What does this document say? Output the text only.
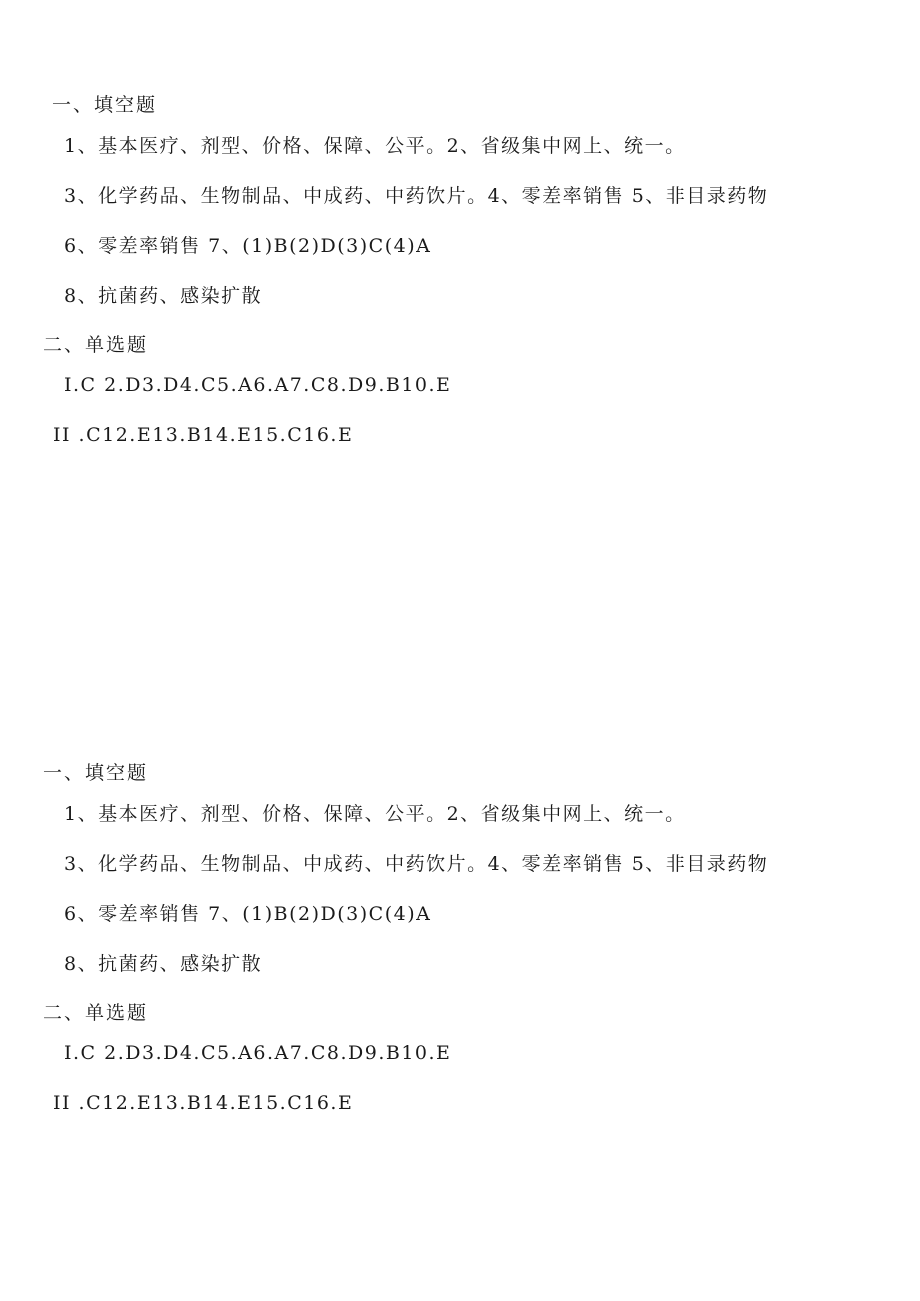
一、填空题
1、基本医疗、剂型、价格、保障、公平。2、省级集中网上、统一。
3、化学药品、生物制品、中成药、中药饮片。4、零差率销售 5、非目录药物
6、零差率销售 7、(1)B(2)D(3)C(4)A
8、抗菌药、感染扩散
二、单选题
Ⅰ.C 2.D3.D4.C5.A6.A7.C8.D9.B10.E
II .C12.E13.B14.E15.C16.E
一、填空题
1、基本医疗、剂型、价格、保障、公平。2、省级集中网上、统一。
3、化学药品、生物制品、中成药、中药饮片。4、零差率销售 5、非目录药物
6、零差率销售 7、(1)B(2)D(3)C(4)A
8、抗菌药、感染扩散
二、单选题
Ⅰ.C 2.D3.D4.C5.A6.A7.C8.D9.B10.E
II .C12.E13.B14.E15.C16.E
